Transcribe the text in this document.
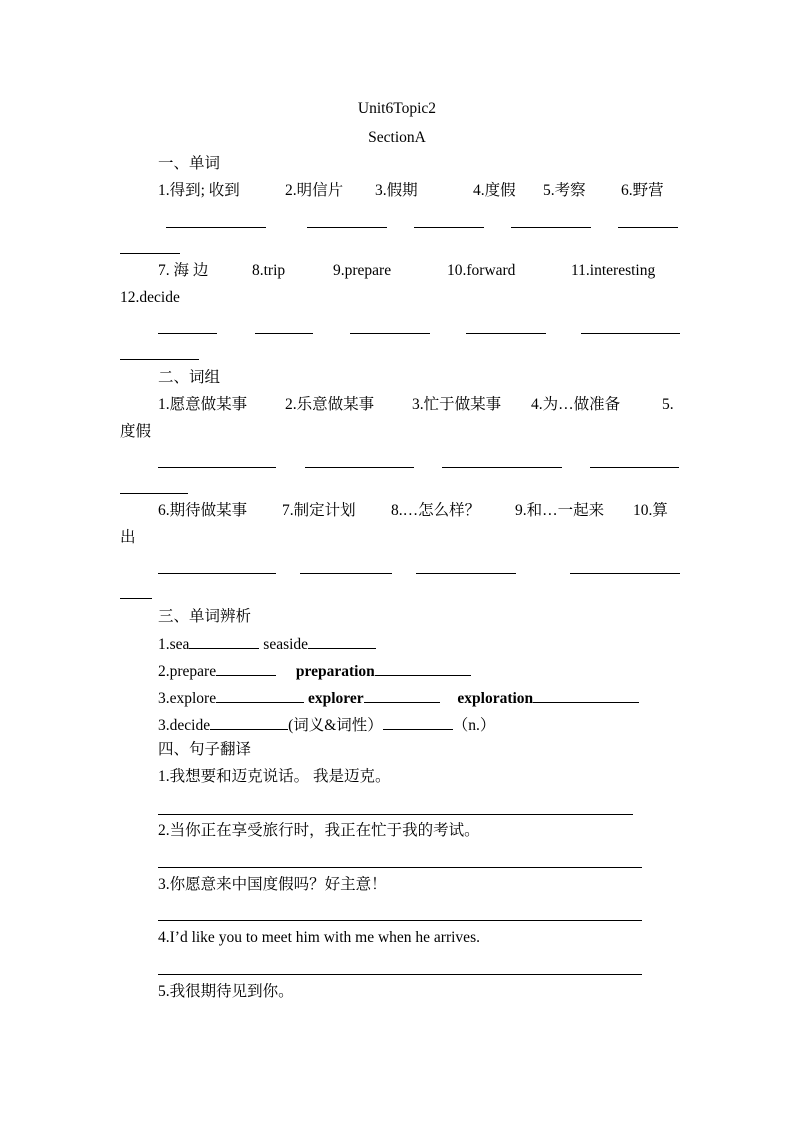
Unit6Topic2
SectionA
一、单词
1.得到; 收到	2.明信片 3.假期	4.度假 5.考察 6.野营
7. 海 边	8.trip	9.prepare	10.forward	11.interesting
12.decide
二、词组
1.愿意做某事 2.乐意做某事 3.忙于做某事 4.为…做准备	5.
度假
6.期待做某事 7.制定计划 8.…怎么样？ 9.和…一起来 10.算
出
三、单词辨析
1.sea	seaside
2.prepare	preparation
3.explore	explorer	exploration
3.decide	(词义&词性）	（n.）
四、句子翻译
1.我想要和迈克说话。 我是迈克。
2.当你正在享受旅行时，我正在忙于我的考试。
3.你愿意来中国度假吗？好主意！
4.I’d like you to meet him with me when he arrives.
5.我很期待见到你。
